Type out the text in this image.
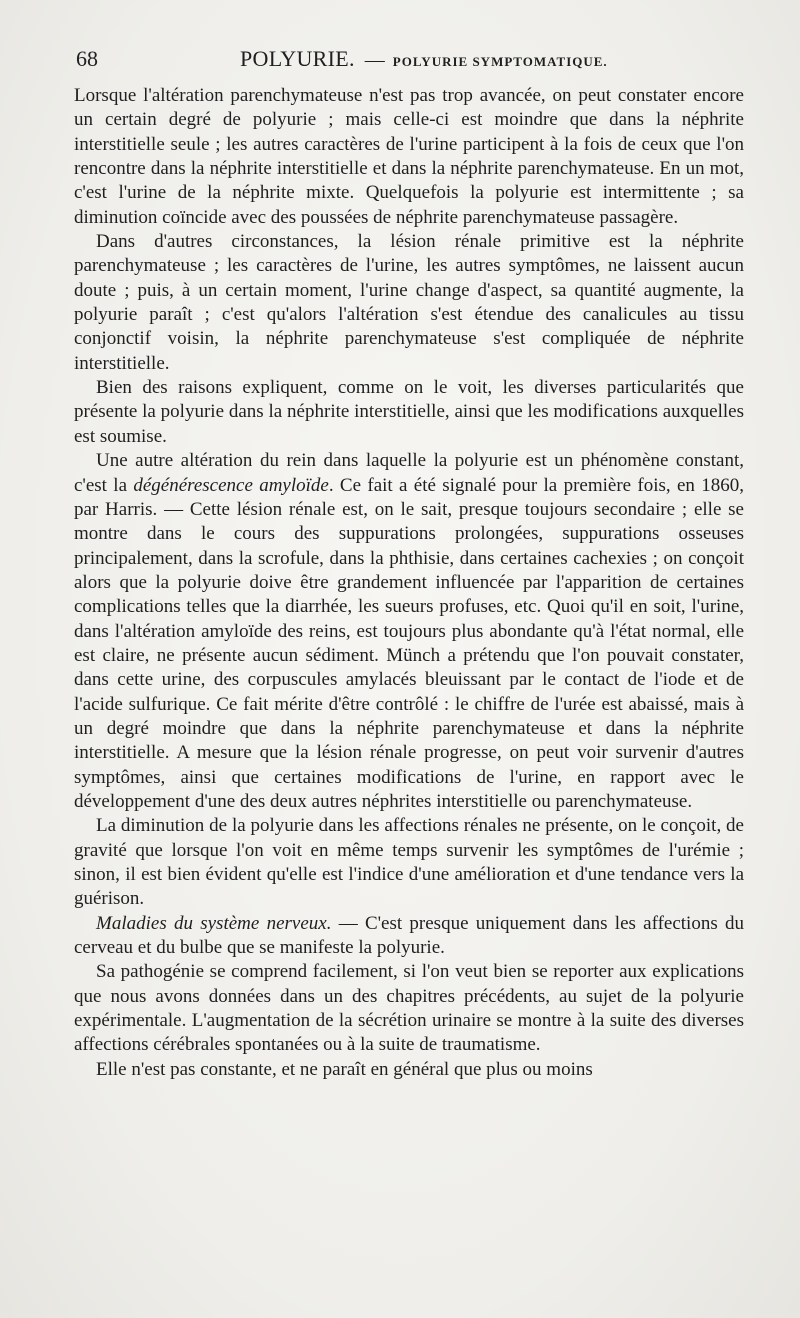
68	POLYURIE. — POLYURIE SYMPTOMATIQUE.

Lorsque l'altération parenchymateuse n'est pas trop avancée, on peut constater encore un certain degré de polyurie ; mais celle-ci est moindre que dans la néphrite interstitielle seule ; les autres caractères de l'urine participent à la fois de ceux que l'on rencontre dans la néphrite interstitielle et dans la néphrite parenchymateuse. En un mot, c'est l'urine de la néphrite mixte. Quelquefois la polyurie est intermittente ; sa diminution coïncide avec des poussées de néphrite parenchymateuse passagère.

Dans d'autres circonstances, la lésion rénale primitive est la néphrite parenchymateuse ; les caractères de l'urine, les autres symptômes, ne laissent aucun doute ; puis, à un certain moment, l'urine change d'aspect, sa quantité augmente, la polyurie paraît ; c'est qu'alors l'altération s'est étendue des canalicules au tissu conjonctif voisin, la néphrite parenchymateuse s'est compliquée de néphrite interstitielle.

Bien des raisons expliquent, comme on le voit, les diverses particularités que présente la polyurie dans la néphrite interstitielle, ainsi que les modifications auxquelles est soumise.

Une autre altération du rein dans laquelle la polyurie est un phénomène constant, c'est la dégénérescence amyloïde. Ce fait a été signalé pour la première fois, en 1860, par Harris. — Cette lésion rénale est, on le sait, presque toujours secondaire ; elle se montre dans le cours des suppurations prolongées, suppurations osseuses principalement, dans la scrofule, dans la phthisie, dans certaines cachexies ; on conçoit alors que la polyurie doive être grandement influencée par l'apparition de certaines complications telles que la diarrhée, les sueurs profuses, etc. Quoi qu'il en soit, l'urine, dans l'altération amyloïde des reins, est toujours plus abondante qu'à l'état normal, elle est claire, ne présente aucun sédiment. Münch a prétendu que l'on pouvait constater, dans cette urine, des corpuscules amylacés bleuissant par le contact de l'iode et de l'acide sulfurique. Ce fait mérite d'être contrôlé : le chiffre de l'urée est abaissé, mais à un degré moindre que dans la néphrite parenchymateuse et dans la néphrite interstitielle. A mesure que la lésion rénale progresse, on peut voir survenir d'autres symptômes, ainsi que certaines modifications de l'urine, en rapport avec le développement d'une des deux autres néphrites interstitielle ou parenchymateuse.

La diminution de la polyurie dans les affections rénales ne présente, on le conçoit, de gravité que lorsque l'on voit en même temps survenir les symptômes de l'urémie ; sinon, il est bien évident qu'elle est l'indice d'une amélioration et d'une tendance vers la guérison.

Maladies du système nerveux. — C'est presque uniquement dans les affections du cerveau et du bulbe que se manifeste la polyurie.

Sa pathogénie se comprend facilement, si l'on veut bien se reporter aux explications que nous avons données dans un des chapitres précédents, au sujet de la polyurie expérimentale. L'augmentation de la sécrétion urinaire se montre à la suite des diverses affections cérébrales spontanées ou à la suite de traumatisme.

Elle n'est pas constante, et ne paraît en général que plus ou moins
